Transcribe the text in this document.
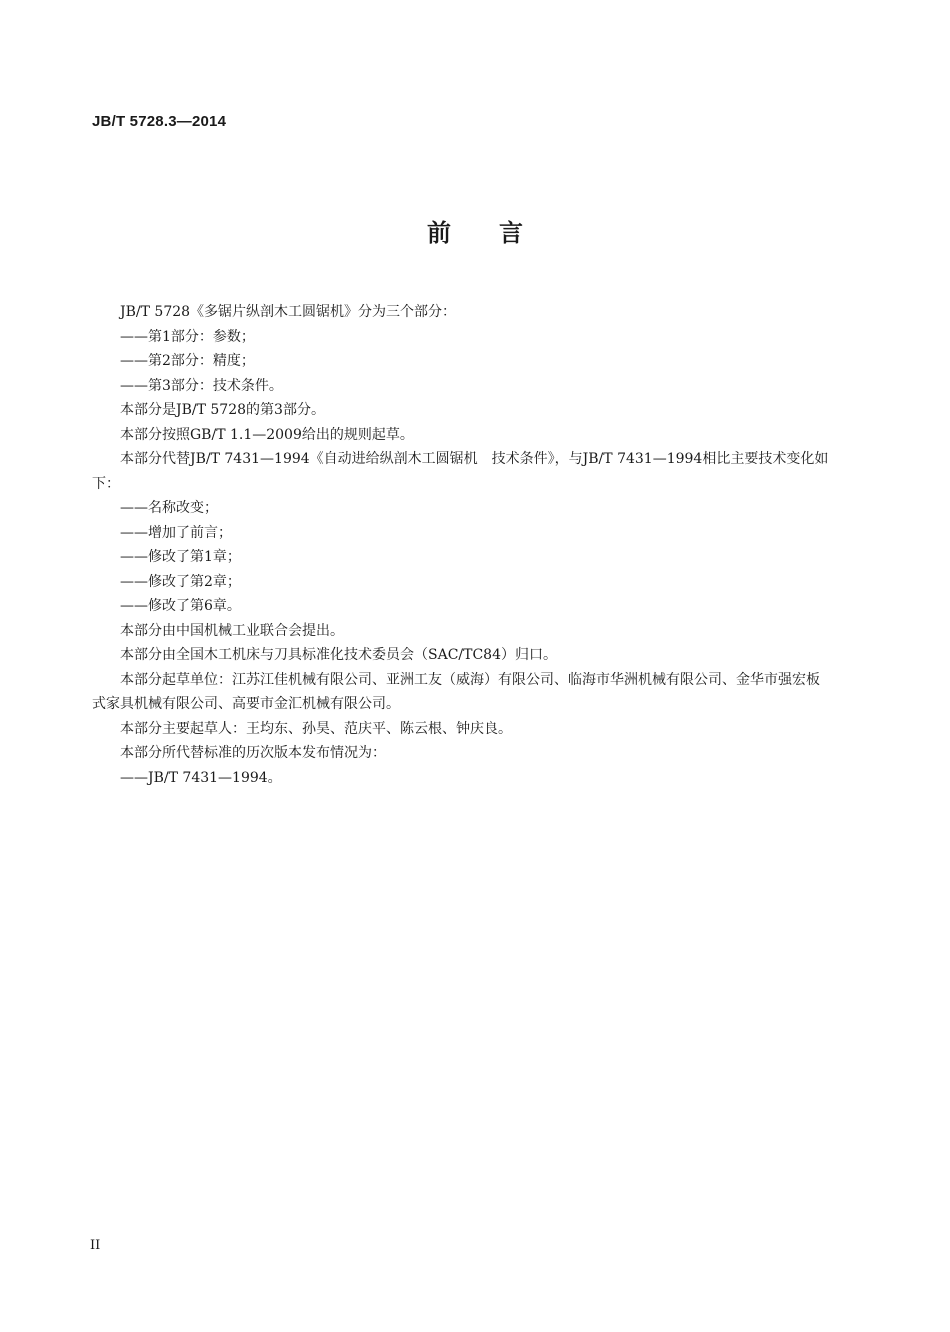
JB/T 5728.3—2014
前 言

JB/T 5728《多锯片纵剖木工圆锯机》分为三个部分：

——第1部分：参数；

——第2部分：精度；

——第3部分：技术条件。

本部分是JB/T 5728的第3部分。

本部分按照GB/T 1.1—2009给出的规则起草。

本部分代替JB/T 7431—1994《自动进给纵剖木工圆锯机　技术条件》，与JB/T 7431—1994相比主要技术变化如下：

——名称改变；

——增加了前言；

——修改了第1章；

——修改了第2章；

——修改了第6章。

本部分由中国机械工业联合会提出。

本部分由全国木工机床与刀具标准化技术委员会（SAC/TC84）归口。

本部分起草单位：江苏江佳机械有限公司、亚洲工友（威海）有限公司、临海市华洲机械有限公司、金华市强宏板式家具机械有限公司、高要市金汇机械有限公司。

本部分主要起草人：王均东、孙昊、范庆平、陈云根、钟庆良。

本部分所代替标准的历次版本发布情况为：

——JB/T 7431—1994。

II
